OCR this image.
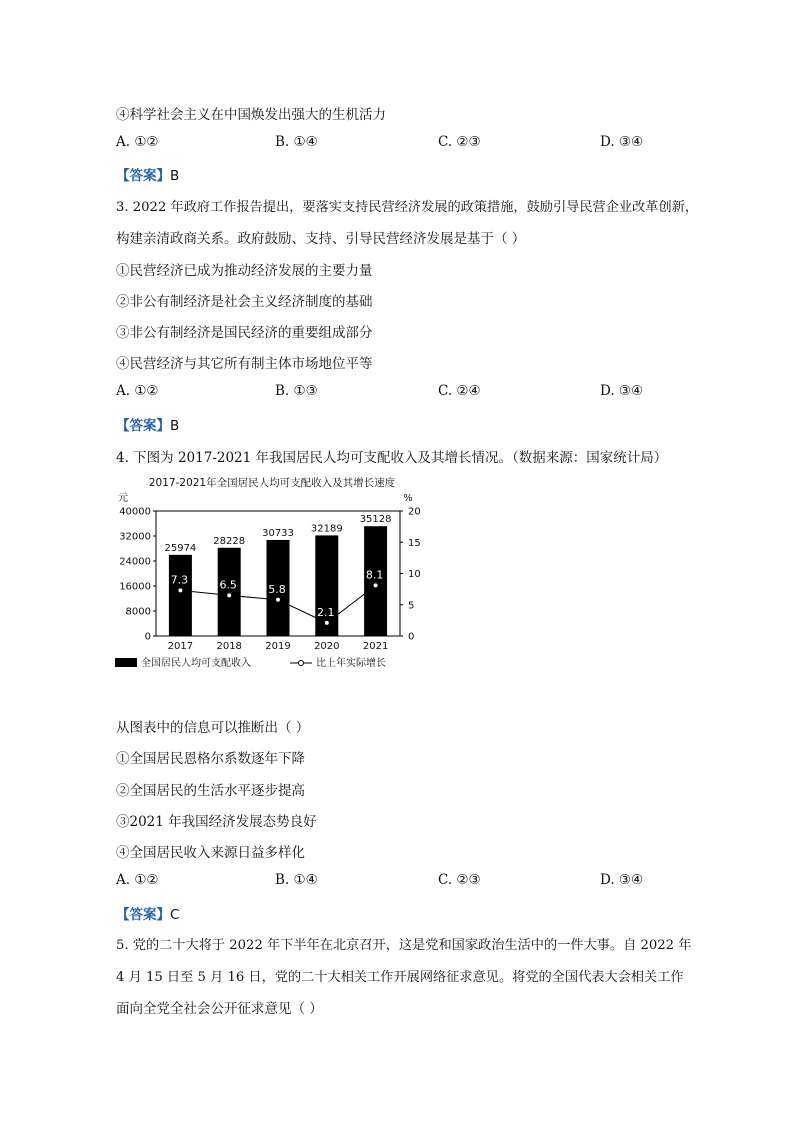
④科学社会主义在中国焕发出强大的生机活力
A. ①②	B. ①④	C. ②③	D. ③④
【答案】B
3. 2022 年政府工作报告提出，要落实支持民营经济发展的政策措施，鼓励引导民营企业改革创新，
构建亲清政商关系。政府鼓励、支持、引导民营经济发展是基于（ ）
①民营经济已成为推动经济发展的主要力量
②非公有制经济是社会主义经济制度的基础
③非公有制经济是国民经济的重要组成部分
④民营经济与其它所有制主体市场地位平等
A. ①②	B. ①③	C. ②④	D. ③④
【答案】B
4. 下图为 2017-2021 年我国居民人均可支配收入及其增长情况。（数据来源：国家统计局）
2017-2021年全国居民人均可支配收入及其增长速度
元	%
0
8000
16000
24000
32000
40000
0
5
10
15
20
25974
28228
30733 32189
35128
7.3	6.5	5.8
2.1
8.1
2017 2018 2019 2020 2021
全国居民人均可支配收入	比上年实际增长
从图表中的信息可以推断出（ ）
①全国居民恩格尔系数逐年下降
②全国居民的生活水平逐步提高
③2021 年我国经济发展态势良好
④全国居民收入来源日益多样化
A. ①②	B. ①④	C. ②③	D. ③④
【答案】C
5. 党的二十大将于 2022 年下半年在北京召开，这是党和国家政治生活中的一件大事。自 2022 年
4 月 15 日至 5 月 16 日，党的二十大相关工作开展网络征求意见。将党的全国代表大会相关工作
面向全党全社会公开征求意见（ ）
